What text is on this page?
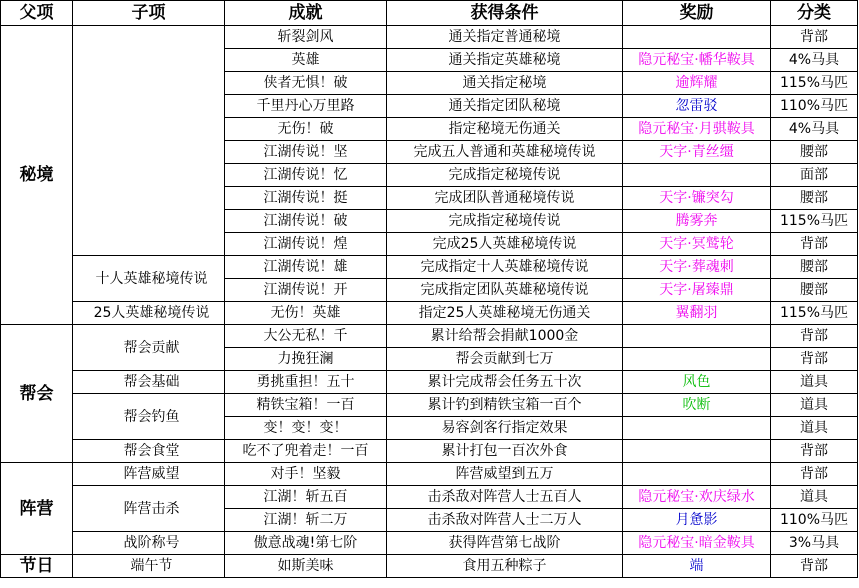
父项	子项	成就	获得条件	奖励	分类
秘境		斩裂剑风	通关指定普通秘境		背部
		英雄	通关指定英雄秘境	隐元秘宝·幡华鞍具	4%马具
		侠者无惧！破	通关指定秘境	逾辉耀	115%马匹
		千里丹心万里路	通关指定团队秘境	忽雷驳	110%马匹
		无伤！破	指定秘境无伤通关	隐元秘宝·月骐鞍具	4%马具
		江湖传说！坚	完成五人普通和英雄秘境传说	天字·青丝缰	腰部
		江湖传说！忆	完成指定秘境传说		面部
		江湖传说！挺	完成团队普通秘境传说	天字·镰突勾	腰部
		江湖传说！破	完成指定秘境传说	腾雾奔	115%马匹
		江湖传说！煌	完成25人英雄秘境传说	天字·冥鹫轮	背部
	十人英雄秘境传说	江湖传说！雄	完成指定十人英雄秘境传说	天字·葬魂刺	腰部
		江湖传说！开	完成指定团队英雄秘境传说	天字·屠臻鼎	腰部
	25人英雄秘境传说	无伤！英雄	指定25人英雄秘境无伤通关	翼翻羽	115%马匹
帮会	帮会贡献	大公无私！千	累计给帮会捐献1000金		背部
		力挽狂澜	帮会贡献到七万		背部
	帮会基础	勇挑重担！五十	累计完成帮会任务五十次	风色	道具
	帮会钓鱼	精铁宝箱！一百	累计钓到精铁宝箱一百个	吹断	道具
		变！变！变！	易容剑客行指定效果		道具
	帮会食堂	吃不了兜着走！一百	累计打包一百次外食		背部
阵营	阵营威望	对手！坚毅	阵营威望到五万		背部
	阵营击杀	江湖！斩五百	击杀敌对阵营人士五百人	隐元秘宝·欢庆绿水	道具
		江湖！斩二万	击杀敌对阵营人士二万人	月惫影	110%马匹
	战阶称号	傲意战魂!第七阶	获得阵营第七战阶	隐元秘宝·暗金鞍具	3%马具
节日	端午节	如斯美味	食用五种粽子	端	背部
